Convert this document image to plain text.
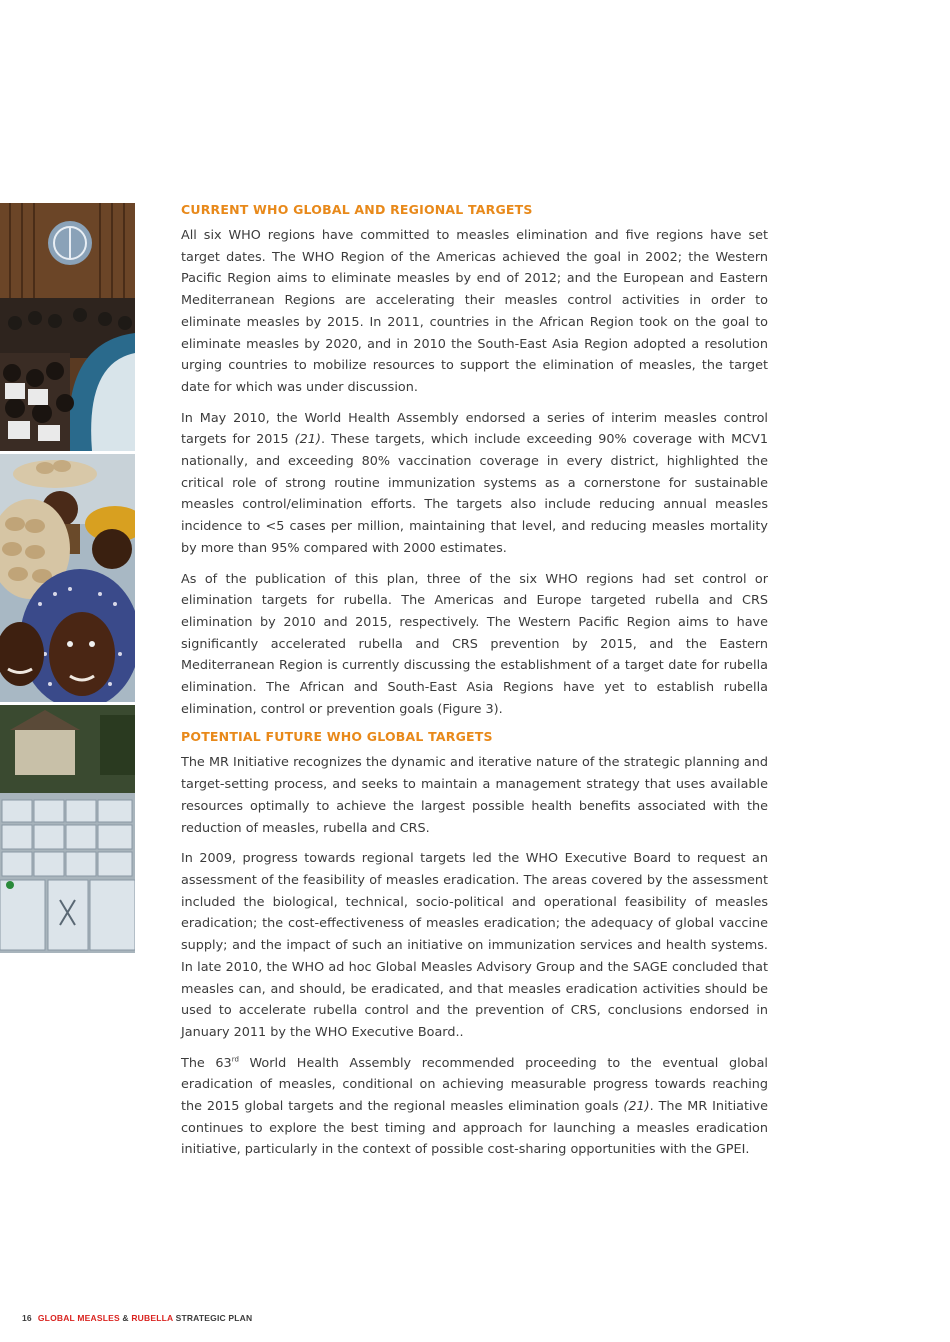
CURRENT WHO GLOBAL AND REGIONAL TARGETS

All six WHO regions have committed to measles elimination and five regions have set target dates. The WHO Region of the Americas achieved the goal in 2002; the Western Pacific Region aims to eliminate measles by end of 2012; and the European and Eastern Mediterranean Regions are accelerating their measles control activities in order to eliminate measles by 2015. In 2011, countries in the African Region took on the goal to eliminate measles by 2020, and in 2010 the South-East Asia Region adopted a resolution urging countries to mobilize resources to support the elimination of measles, the target date for which was under discussion.

In May 2010, the World Health Assembly endorsed a series of interim measles control targets for 2015 (21). These targets, which include exceeding 90% coverage with MCV1 nationally, and exceeding 80% vaccination coverage in every district, highlighted the critical role of strong routine immunization systems as a cornerstone for sustainable measles control/elimination efforts. The targets also include reducing annual measles incidence to <5 cases per million, maintaining that level, and reducing measles mortality by more than 95% compared with 2000 estimates.

As of the publication of this plan, three of the six WHO regions had set control or elimination targets for rubella. The Americas and Europe targeted rubella and CRS elimination by 2010 and 2015, respectively. The Western Pacific Region aims to have significantly accelerated rubella and CRS prevention by 2015, and the Eastern Mediterranean Region is currently discussing the establishment of a target date for rubella elimination. The African and South-East Asia Regions have yet to establish rubella elimination, control or prevention goals (Figure 3).

POTENTIAL FUTURE WHO GLOBAL TARGETS

The MR Initiative recognizes the dynamic and iterative nature of the strategic planning and target-setting process, and seeks to maintain a management strategy that uses available resources optimally to achieve the largest possible health benefits associated with the reduction of measles, rubella and CRS.

In 2009, progress towards regional targets led the WHO Executive Board to request an assessment of the feasibility of measles eradication. The areas covered by the assessment included the biological, technical, socio-political and operational feasibility of measles eradication; the cost-effectiveness of measles eradication; the adequacy of global vaccine supply; and the impact of such an initiative on immunization services and health systems. In late 2010, the WHO ad hoc Global Measles Advisory Group and the SAGE concluded that measles can, and should, be eradicated, and that measles eradication activities should be used to accelerate rubella control and the prevention of CRS, conclusions endorsed in January 2011 by the WHO Executive Board..

The 63rd World Health Assembly recommended proceeding to the eventual global eradication of measles, conditional on achieving measurable progress towards reaching the 2015 global targets and the regional measles elimination goals (21). The MR Initiative continues to explore the best timing and approach for launching a measles eradication initiative, particularly in the context of possible cost-sharing opportunities with the GPEI.

16 GLOBAL MEASLES & RUBELLA STRATEGIC PLAN
